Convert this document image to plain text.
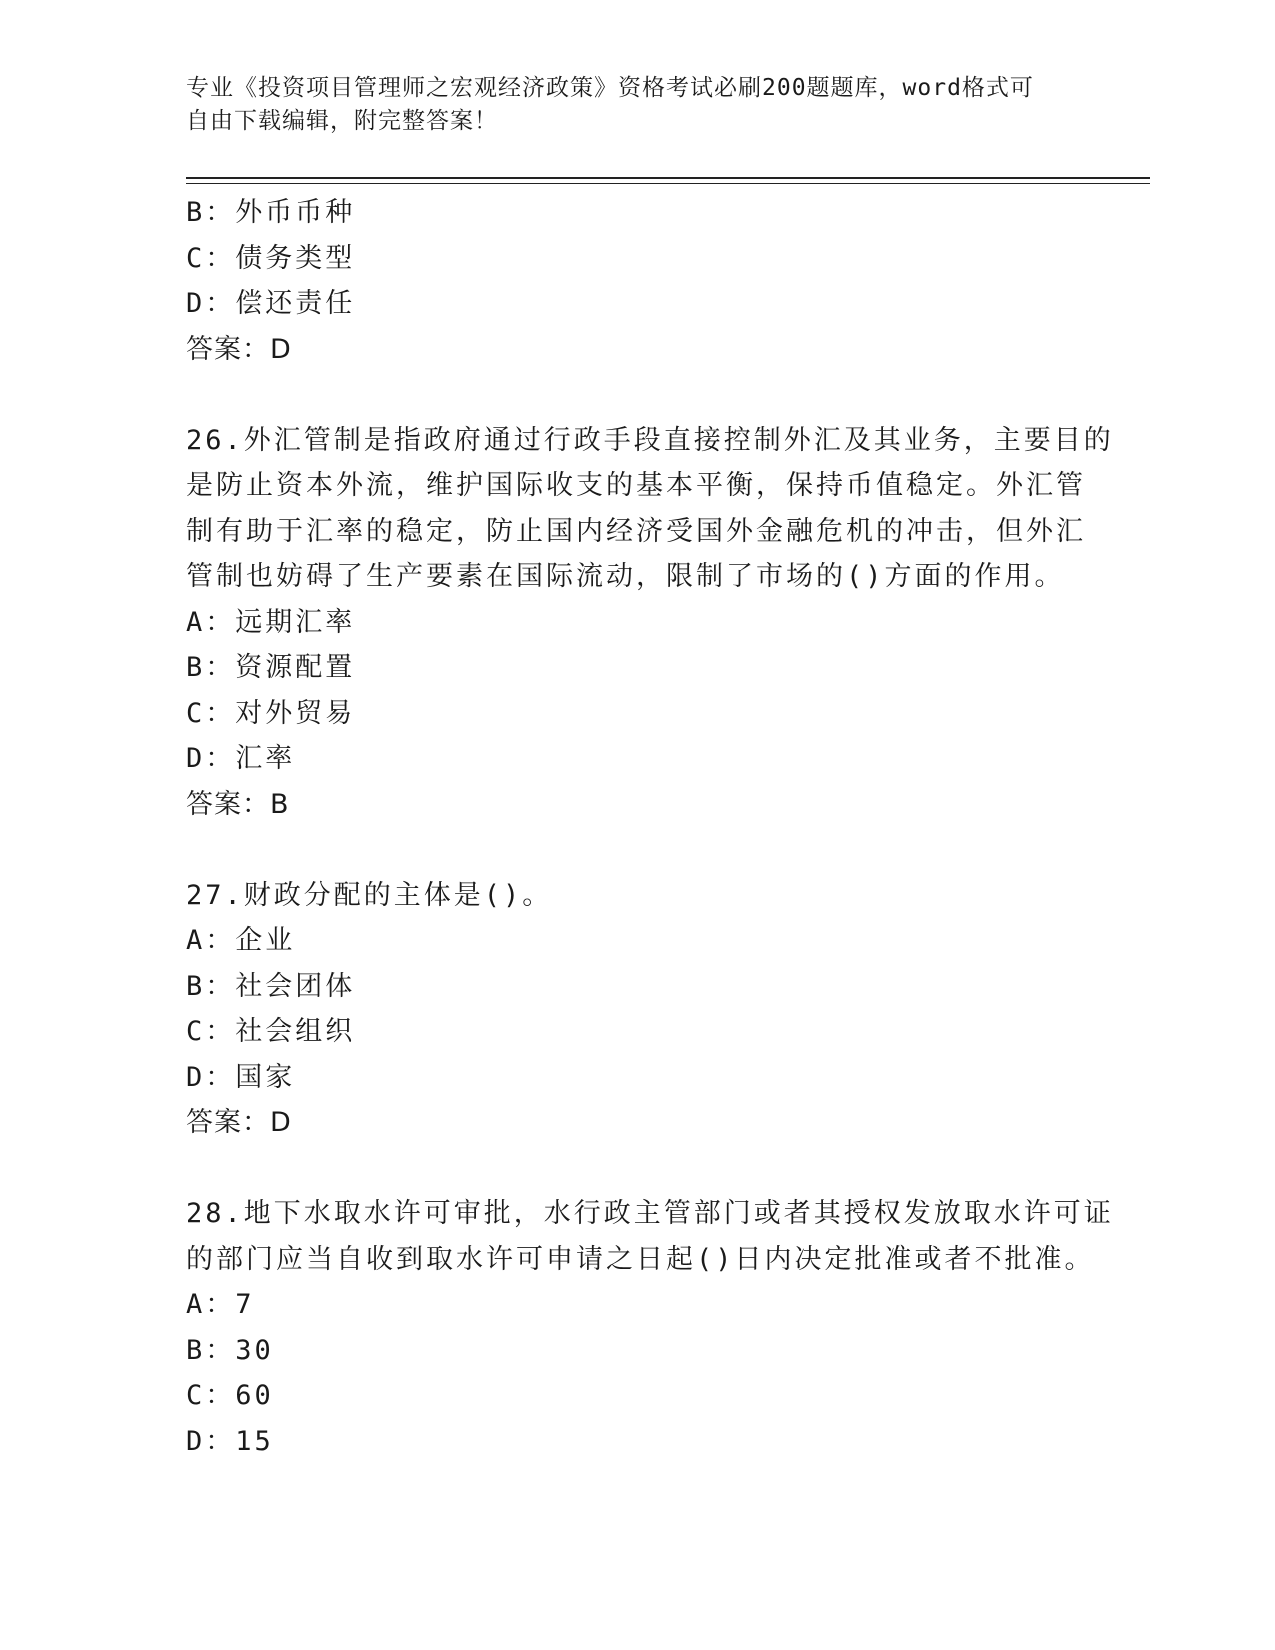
专业《投资项目管理师之宏观经济政策》资格考试必刷200题题库，word格式可
自由下载编辑，附完整答案！
B：外币币种
C：债务类型
D：偿还责任
答案：D
26.外汇管制是指政府通过行政手段直接控制外汇及其业务，主要目的
是防止资本外流，维护国际收支的基本平衡，保持币值稳定。外汇管
制有助于汇率的稳定，防止国内经济受国外金融危机的冲击，但外汇
管制也妨碍了生产要素在国际流动，限制了市场的()方面的作用。
A：远期汇率
B：资源配置
C：对外贸易
D：汇率
答案：B
27.财政分配的主体是()。
A：企业
B：社会团体
C：社会组织
D：国家
答案：D
28.地下水取水许可审批，水行政主管部门或者其授权发放取水许可证
的部门应当自收到取水许可申请之日起()日内决定批准或者不批准。
A：7
B：30
C：60
D：15
